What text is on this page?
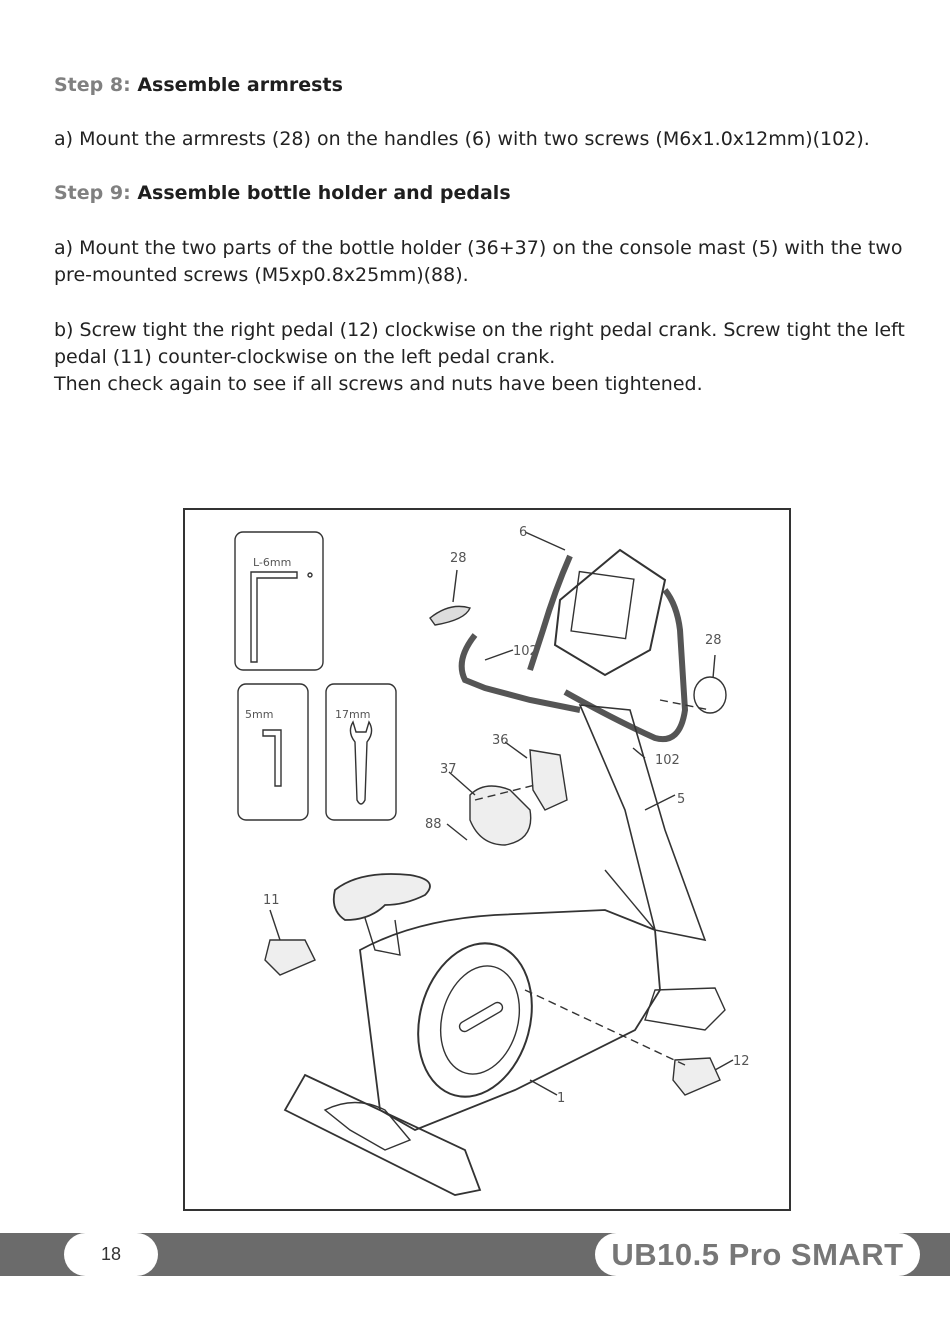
Step 8: Assemble armrests

a) Mount the armrests (28) on the handles (6) with two screws (M6x1.0x12mm)(102).

Step 9: Assemble bottle holder and pedals

a) Mount the two parts of the bottle holder (36+37) on the console mast (5) with the two
pre-mounted screws (M5xp0.8x25mm)(88).

b) Screw tight the right pedal (12) clockwise on the right pedal crank. Screw tight the left
pedal (11) counter-clockwise on the left pedal crank.
Then check again to see if all screws and nuts have been tightened.

L-6mm
5mm	17mm
6
28
28
102
102
36
37
88
5
11
12
1
18	UB10.5 Pro SMART
